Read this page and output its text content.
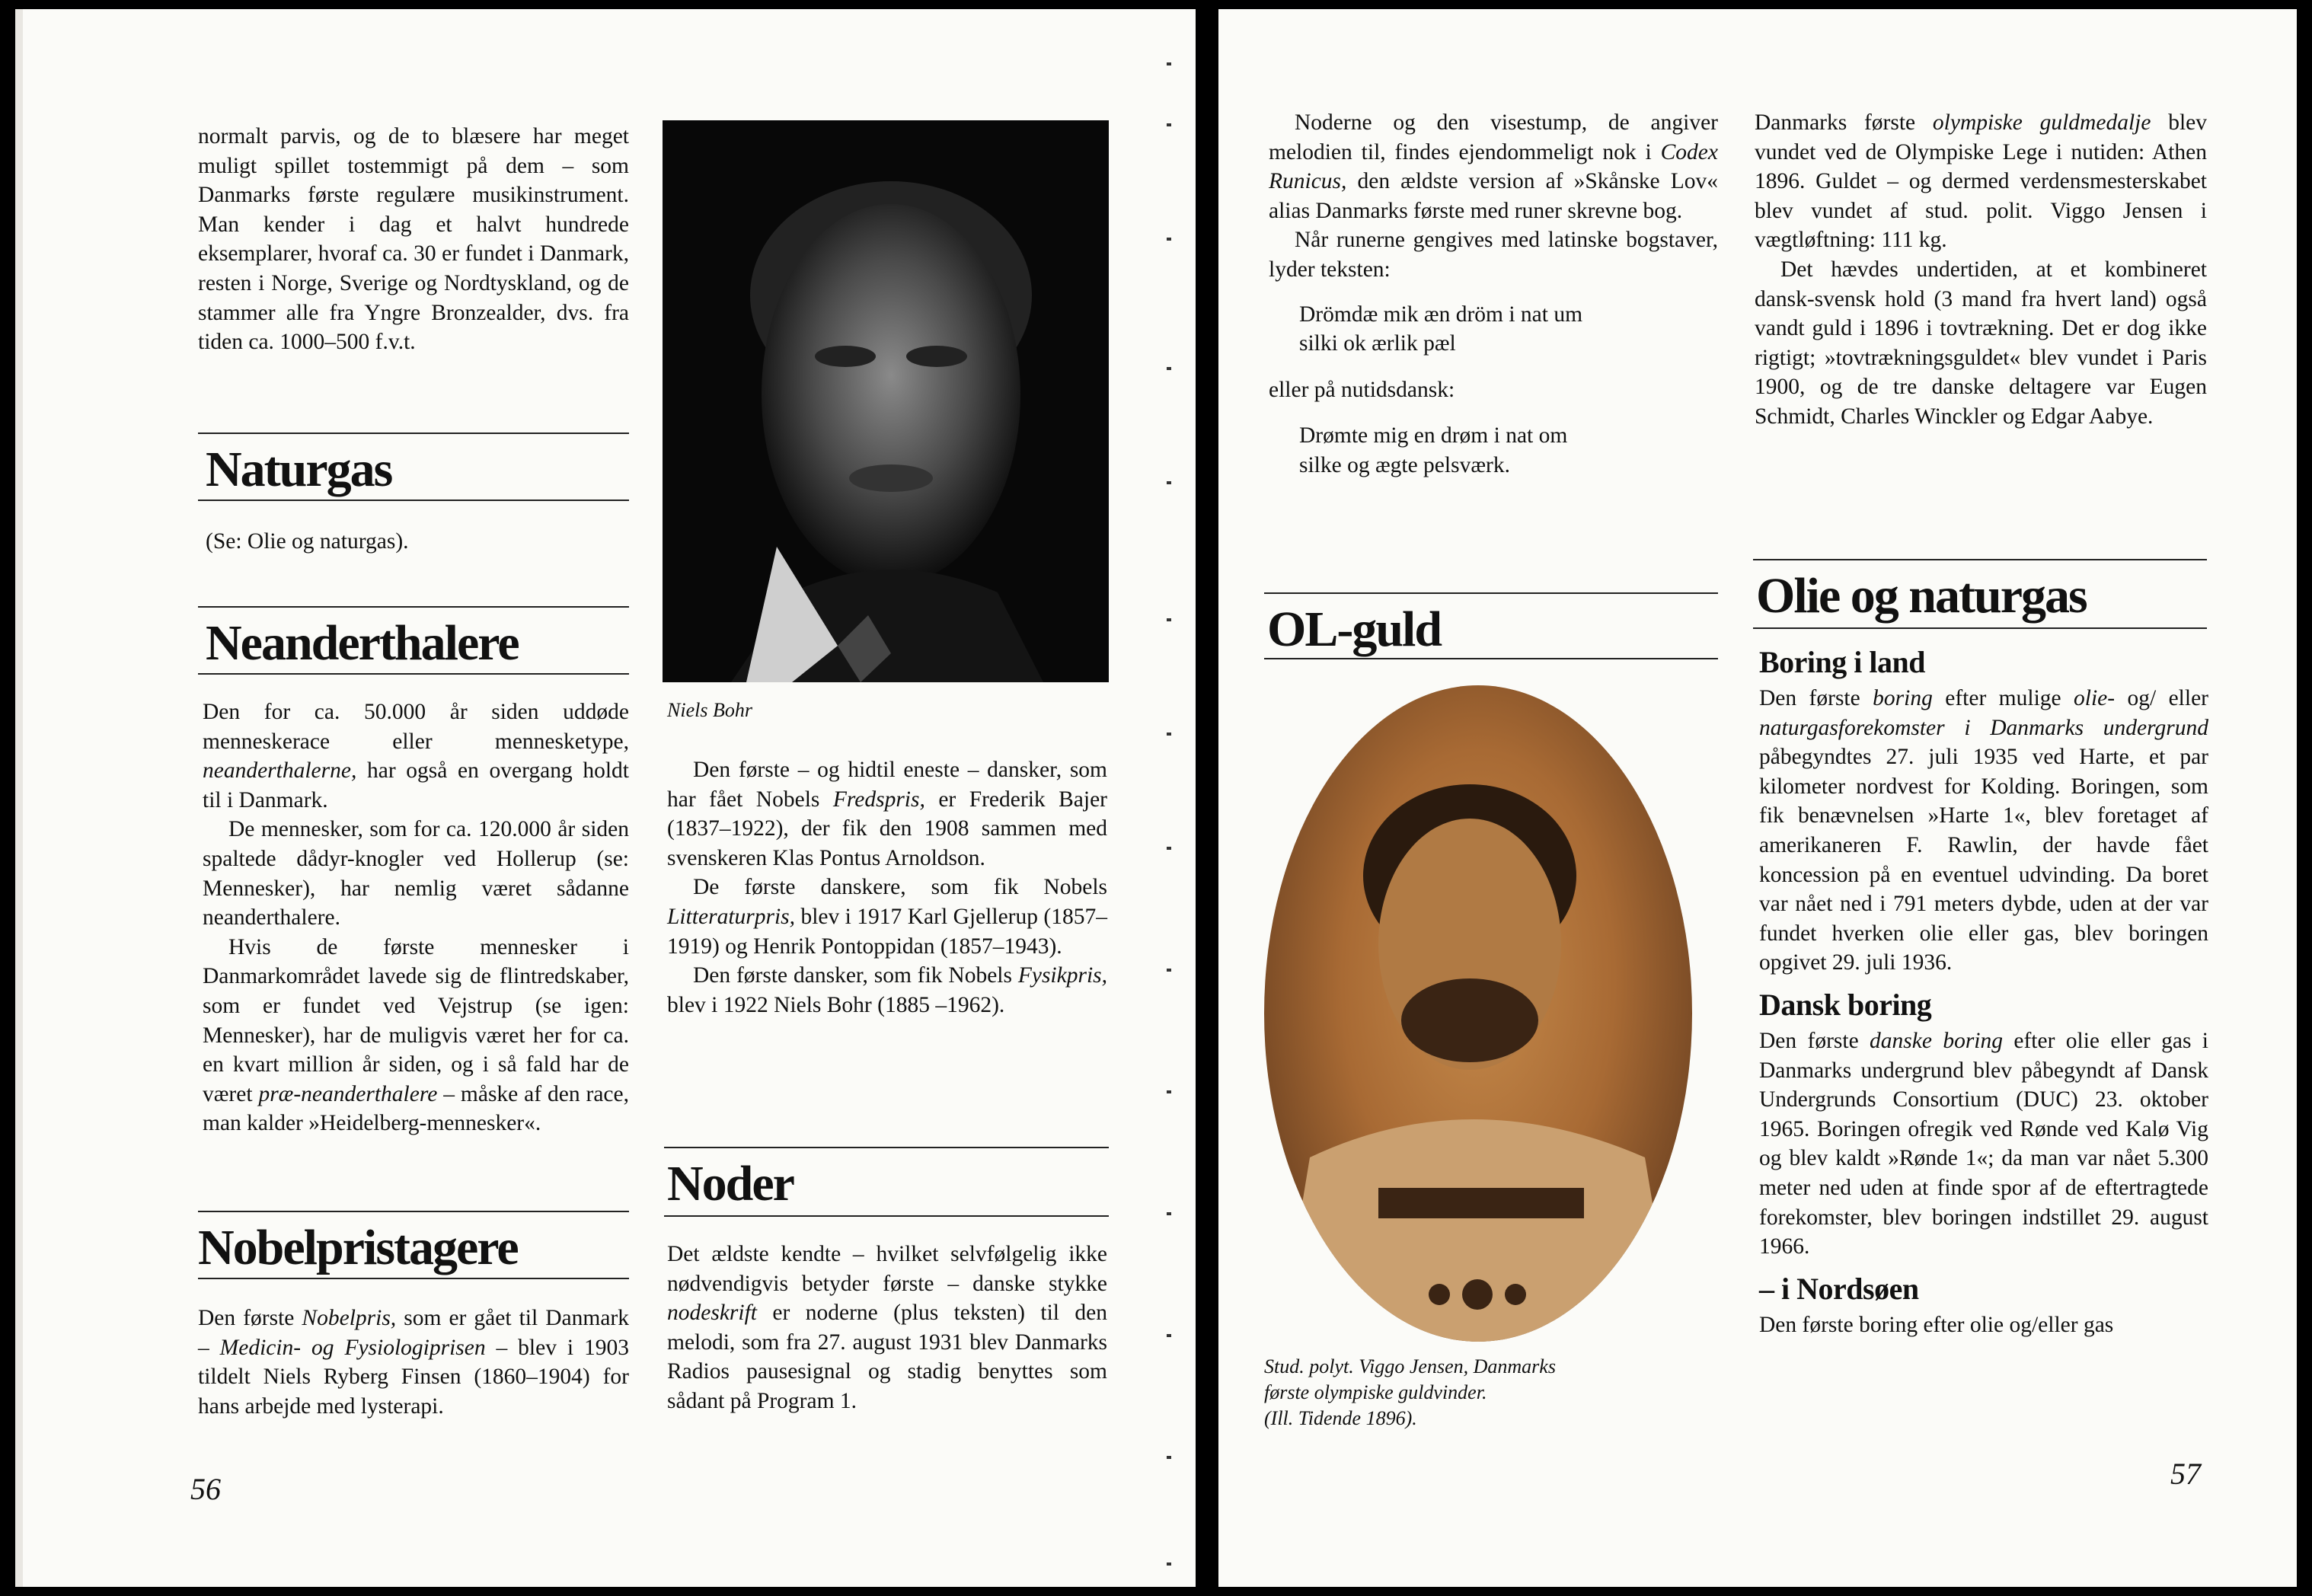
normalt parvis, og de to blæsere har meget muligt spillet tostemmigt på dem – som Danmarks første regulære musikinstrument. Man kender i dag et halvt hundrede eksemplarer, hvoraf ca. 30 er fundet i Danmark, resten i Norge, Sverige og Nordtyskland, og de stammer alle fra Yngre Bronzealder, dvs. fra tiden ca. 1000–500 f.v.t.

Naturgas

(Se: Olie og naturgas).

Neanderthalere

Den for ca. 50.000 år siden uddøde menneskerace eller mennesketype, neanderthalerne, har også en overgang holdt til i Danmark.

De mennesker, som for ca. 120.000 år siden spaltede dådyr-knogler ved Hollerup (se: Mennesker), har nemlig været sådanne neanderthalere.

Hvis de første mennesker i Danmarkområdet lavede sig de flintredskaber, som er fundet ved Vejstrup (se igen: Mennesker), har de muligvis været her for ca. en kvart million år siden, og i så fald har de været præ-neanderthalere – måske af den race, man kalder »Heidelberg-mennesker«.

Nobelpristagere

Den første Nobelpris, som er gået til Danmark – Medicin- og Fysiologiprisen – blev i 1903 tildelt Niels Ryberg Finsen (1860–1904) for hans arbejde med lysterapi.

56
Niels Bohr

Den første – og hidtil eneste – dansker, som har fået Nobels Fredspris, er Frederik Bajer (1837–1922), der fik den 1908 sammen med svenskeren Klas Pontus Arnoldson.

De første danskere, som fik Nobels Litteraturpris, blev i 1917 Karl Gjellerup (1857–1919) og Henrik Pontoppidan (1857–1943).

Den første dansker, som fik Nobels Fysikpris, blev i 1922 Niels Bohr (1885 –1962).

Noder

Det ældste kendte – hvilket selvfølgelig ikke nødvendigvis betyder første – danske stykke nodeskrift er noderne (plus teksten) til den melodi, som fra 27. august 1931 blev Danmarks Radios pausesignal og stadig benyttes som sådant på Program 1.

Noderne og den visestump, de angiver melodien til, findes ejendommeligt nok i Codex Runicus, den ældste version af »Skånske Lov« alias Danmarks første med runer skrevne bog.

Når runerne gengives med latinske bogstaver, lyder teksten:

Drömdæ mik æn dröm i nat um
silki ok ærlik pæl
eller på nutidsdansk:
Drømte mig en drøm i nat om
silke og ægte pelsværk.
OL-guld
Stud. polyt. Viggo Jensen, Danmarks
første olympiske guldvinder.
(Ill. Tidende 1896).

Danmarks første olympiske guldmedalje blev vundet ved de Olympiske Lege i nutiden: Athen 1896. Guldet – og dermed verdensmesterskabet blev vundet af stud. polit. Viggo Jensen i vægtløftning: 111 kg.

Det hævdes undertiden, at et kombineret dansk-svensk hold (3 mand fra hvert land) også vandt guld i 1896 i tovtrækning. Det er dog ikke rigtigt; »tovtrækningsguldet« blev vundet i Paris 1900, og de tre danske deltagere var Eugen Schmidt, Charles Winckler og Edgar Aabye.

Olie og naturgas
Boring i land

Den første boring efter mulige olie- og/ eller naturgasforekomster i Danmarks undergrund påbegyndtes 27. juli 1935 ved Harte, et par kilometer nordvest for Kolding. Boringen, som fik benævnelsen »Harte 1«, blev foretaget af amerikaneren F. Rawlin, der havde fået koncession på en eventuel udvinding. Da boret var nået ned i 791 meters dybde, uden at der var fundet hverken olie eller gas, blev boringen opgivet 29. juli 1936.

Dansk boring

Den første danske boring efter olie eller gas i Danmarks undergrund blev påbegyndt af Dansk Undergrunds Consortium (DUC) 23. oktober 1965. Boringen ofregik ved Rønde ved Kalø Vig og blev kaldt »Rønde 1«; da man var nået 5.300 meter ned uden at finde spor af de eftertragtede forekomster, blev boringen indstillet 29. august 1966.

– i Nordsøen

Den første boring efter olie og/eller gas

57
